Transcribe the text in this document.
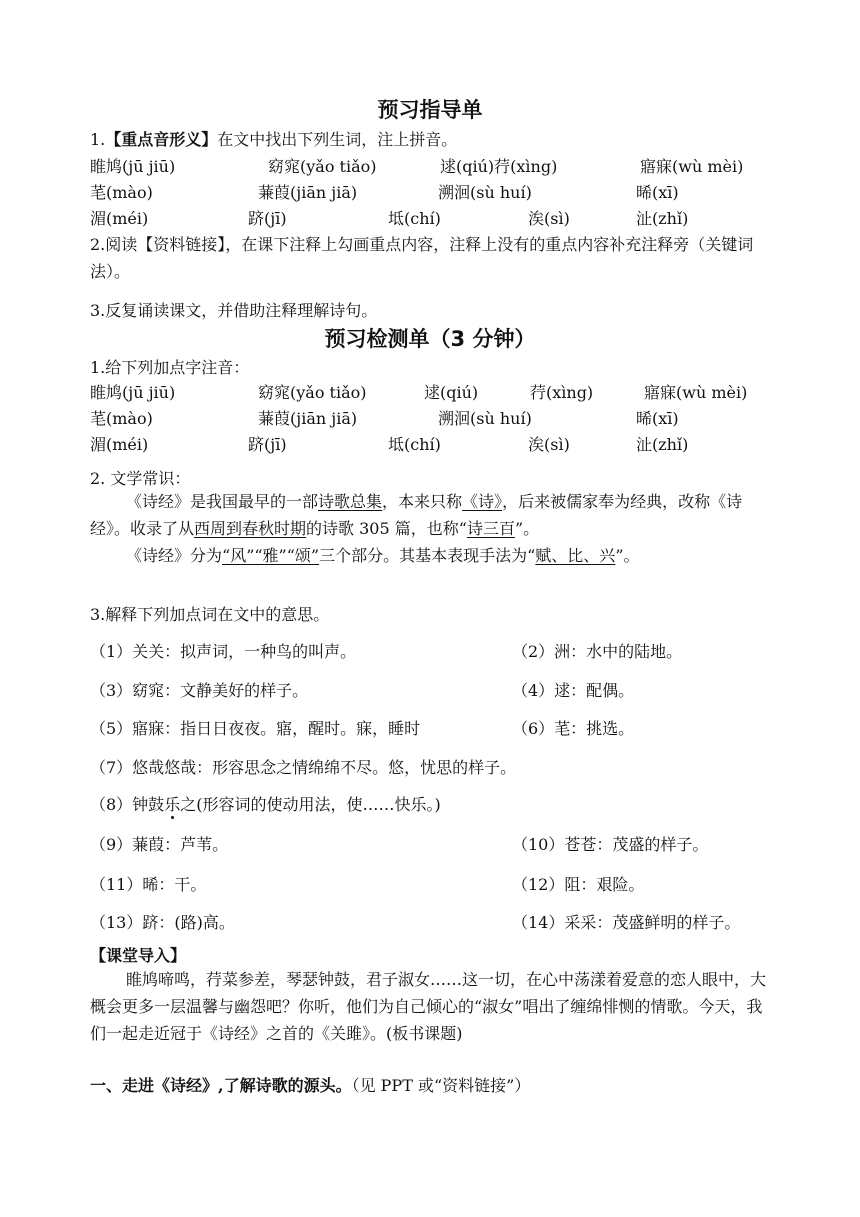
预习指导单
1.【重点音形义】在文中找出下列生词，注上拼音。
睢鸠(jū jiū)	窈窕(yǎo tiǎo)	逑(qiú)荇(xìng)	寤寐(wù mèi)
芼(mào)	蒹葭(jiān jiā)	溯洄(sù huí)	晞(xī)
湄(méi)	跻(jī)	坻(chí)	涘(sì)	沚(zhǐ)
2.阅读【资料链接】，在课下注释上勾画重点内容，注释上没有的重点内容补充注释旁（关键词法）。
3.反复诵读课文，并借助注释理解诗句。
预习检测单（3 分钟）
1.给下列加点字注音：
睢鸠(jū jiū)	窈窕(yǎo tiǎo)	逑(qiú)	荇(xìng)	寤寐(wù mèi)
芼(mào)	蒹葭(jiān jiā)	溯洄(sù huí)	晞(xī)
湄(méi)	跻(jī)	坻(chí)	涘(sì)	沚(zhǐ)
2. 文学常识：
《诗经》是我国最早的一部诗歌总集，本来只称《诗》，后来被儒家奉为经典，改称《诗经》。收录了从西周到春秋时期的诗歌 305 篇，也称“诗三百”。
《诗经》分为“风”“雅”“颂”三个部分。其基本表现手法为“赋、比、兴”。
3.解释下列加点词在文中的意思。
（1）关关：拟声词，一种鸟的叫声。	（2）洲：水中的陆地。
（3）窈窕：文静美好的样子。	（4）逑：配偶。
（5）寤寐：指日日夜夜。寤，醒时。寐，睡时	（6）芼：挑选。
（7）悠哉悠哉：形容思念之情绵绵不尽。悠，忧思的样子。
（8）钟鼓乐之(形容词的使动用法，使……快乐。)
（9）蒹葭：芦苇。	（10）苍苍：茂盛的样子。
（11）晞：干。	（12）阻：艰险。
（13）跻：(路)高。	（14）采采：茂盛鲜明的样子。
【课堂导入】
睢鸠啼鸣，荇菜参差，琴瑟钟鼓，君子淑女……这一切，在心中荡漾着爱意的恋人眼中，大概会更多一层温馨与幽怨吧？你听，他们为自己倾心的“淑女”唱出了缠绵悱恻的情歌。今天，我们一起走近冠于《诗经》之首的《关雎》。(板书课题)
一、走进《诗经》,了解诗歌的源头。（见 PPT 或“资料链接”）
